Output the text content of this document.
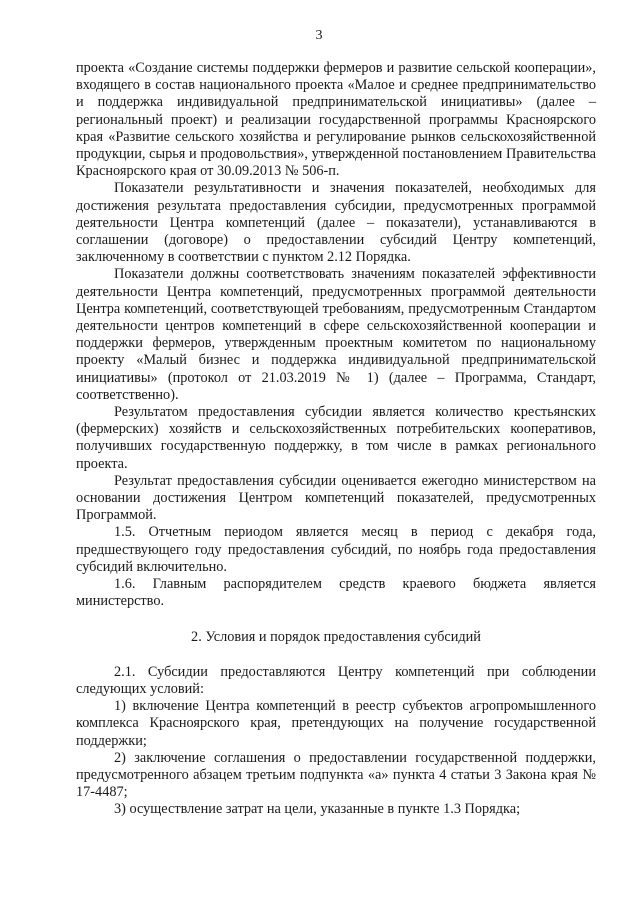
3

проекта «Создание системы поддержки фермеров и развитие сельской кооперации», входящего в состав национального проекта «Малое и среднее предпринимательство и поддержка индивидуальной предпринимательской инициативы» (далее – региональный проект) и реализации государственной программы Красноярского края «Развитие сельского хозяйства и регулирование рынков сельскохозяйственной продукции, сырья и продовольствия», утвержденной постановлением Правительства Красноярского края от 30.09.2013 № 506-п.

Показатели результативности и значения показателей, необходимых для достижения результата предоставления субсидии, предусмотренных программой деятельности Центра компетенций (далее – показатели), устанавливаются в соглашении (договоре) о предоставлении субсидий Центру компетенций, заключенному в соответствии с пунктом 2.12 Порядка.

Показатели должны соответствовать значениям показателей эффективности деятельности Центра компетенций, предусмотренных программой деятельности Центра компетенций, соответствующей требованиям, предусмотренным Стандартом деятельности центров компетенций в сфере сельскохозяйственной кооперации и поддержки фермеров, утвержденным проектным комитетом по национальному проекту «Малый бизнес и поддержка индивидуальной предпринимательской инициативы» (протокол от 21.03.2019 № 1) (далее – Программа, Стандарт, соответственно).

Результатом предоставления субсидии является количество крестьянских (фермерских) хозяйств и сельскохозяйственных потребительских кооперативов, получивших государственную поддержку, в том числе в рамках регионального проекта.

Результат предоставления субсидии оценивается ежегодно министерством на основании достижения Центром компетенций показателей, предусмотренных Программой.

1.5. Отчетным периодом является месяц в период с декабря года, предшествующего году предоставления субсидий, по ноябрь года предоставления субсидий включительно.

1.6. Главным распорядителем средств краевого бюджета является министерство.

2. Условия и порядок предоставления субсидий

2.1. Субсидии предоставляются Центру компетенций при соблюдении следующих условий:

1) включение Центра компетенций в реестр субъектов агропромышленного комплекса Красноярского края, претендующих на получение государственной поддержки;

2) заключение соглашения о предоставлении государственной поддержки, предусмотренного абзацем третьим подпункта «а» пункта 4 статьи 3 Закона края № 17-4487;

3) осуществление затрат на цели, указанные в пункте 1.3 Порядка;
